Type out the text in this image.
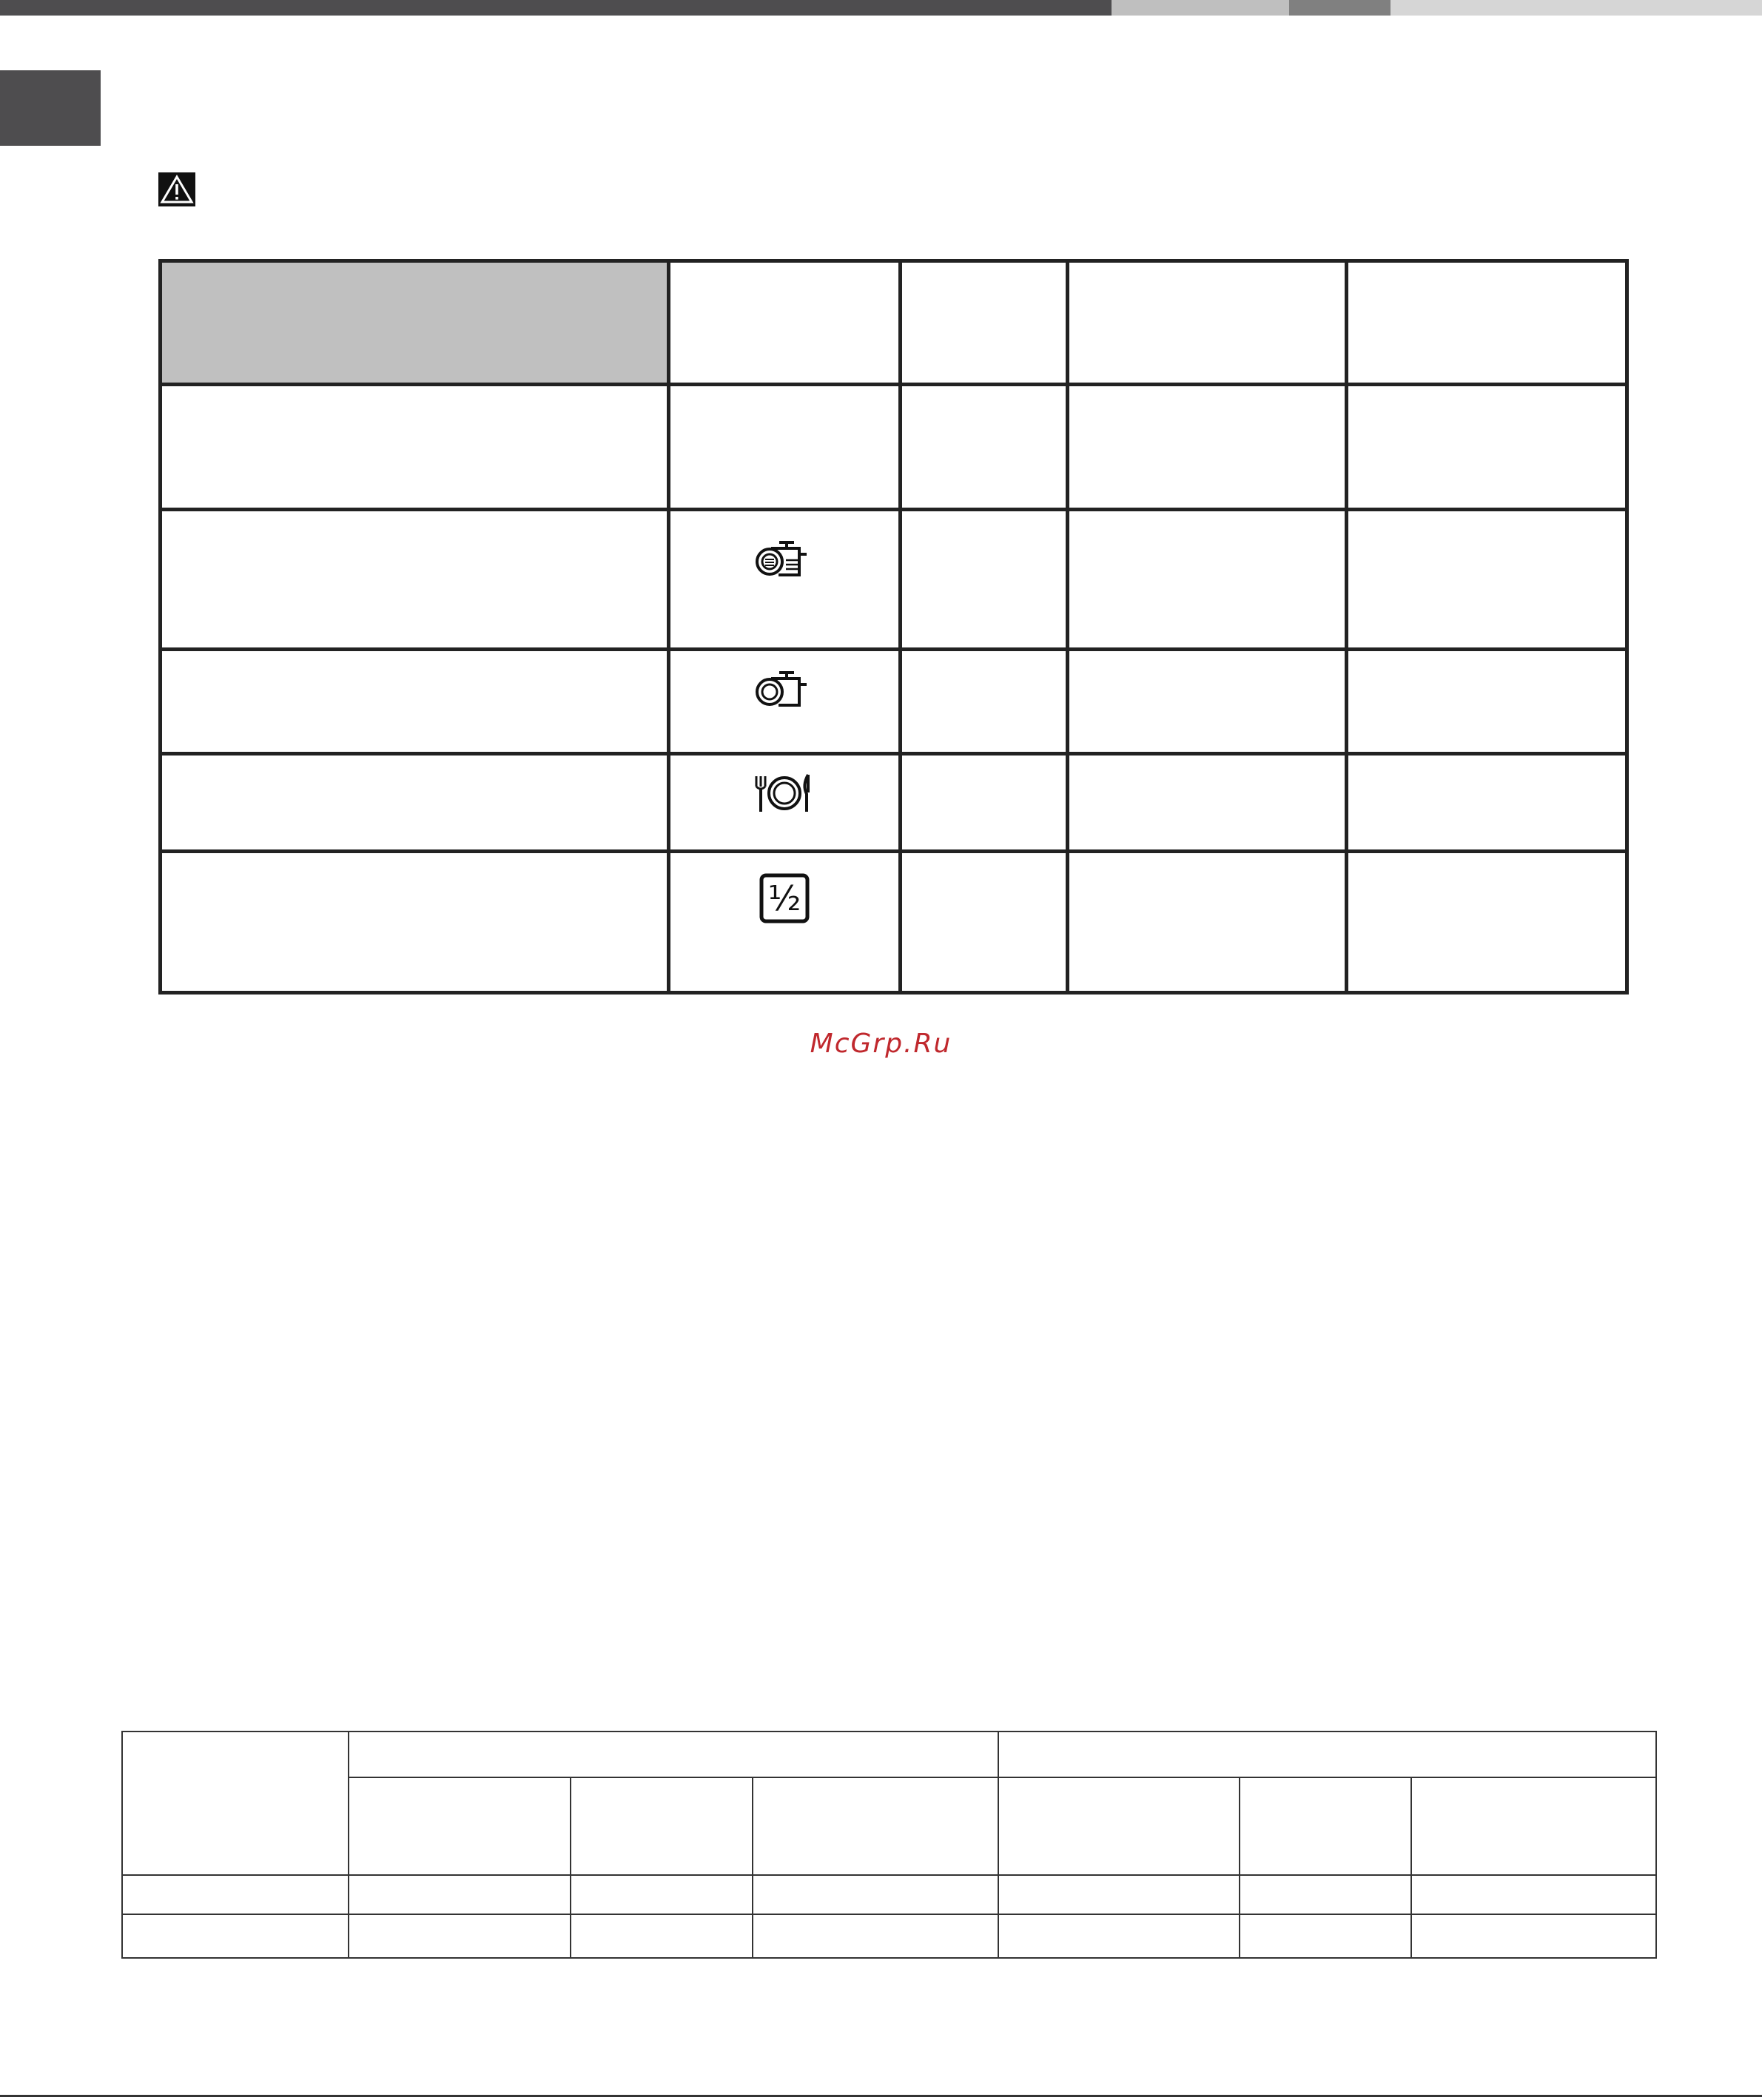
½
McGrp.Ru
